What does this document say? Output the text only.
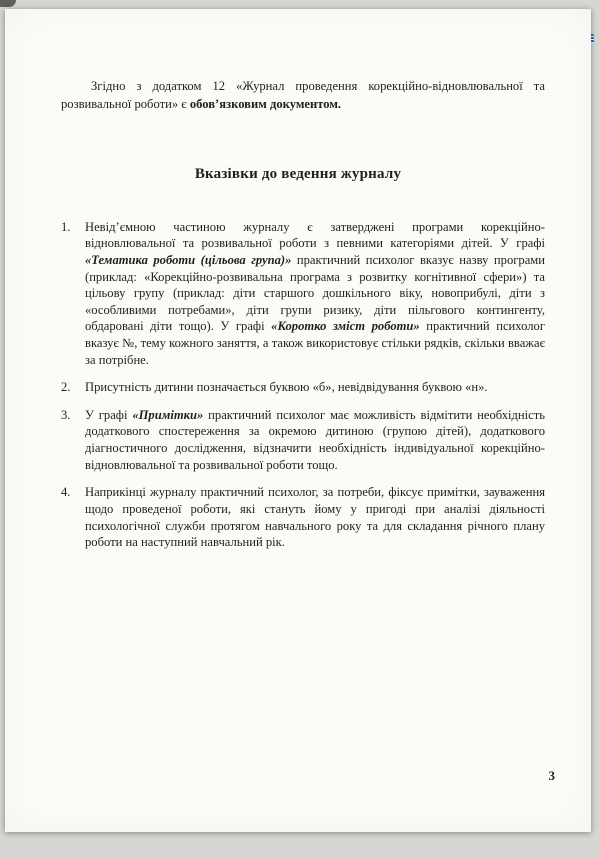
Згідно з додатком 12 «Журнал проведення корекційно-відновлювальної та розвивальної роботи» є обов’язковим документом.

Вказівки до ведення журналу
1.	Невід’ємною частиною журналу є затверджені програми корекційно-відновлювальної та розвивальної роботи з певними категоріями дітей. У графі «Тематика роботи (цільова група)» практичний психолог вказує назву програми (приклад: «Корекційно-розвивальна програма з розвитку когнітивної сфери») та цільову групу (приклад: діти старшого дошкільного віку, новоприбулі, діти з «особливими потребами», діти групи ризику, діти пільгового контингенту, обдаровані діти тощо). У графі «Коротко зміст роботи» практичний психолог вказує №, тему кожного заняття, а також використовує стільки рядків, скільки вважає за потрібне.
2.	Присутність дитини позначається буквою «б», невідвідування буквою «н».
3.	У графі «Примітки» практичний психолог має можливість відмітити необхідність додаткового спостереження за окремою дитиною (групою дітей), додаткового діагностичного дослідження, відзначити необхідність індивідуальної корекційно-відновлювальної та розвивальної роботи тощо.
4.	Наприкінці журналу практичний психолог, за потреби, фіксує примітки, зауваження щодо проведеної роботи, які стануть йому у пригоді при аналізі діяльності психологічної служби протягом навчального року та для складання річного плану роботи на наступний навчальний рік.
3
